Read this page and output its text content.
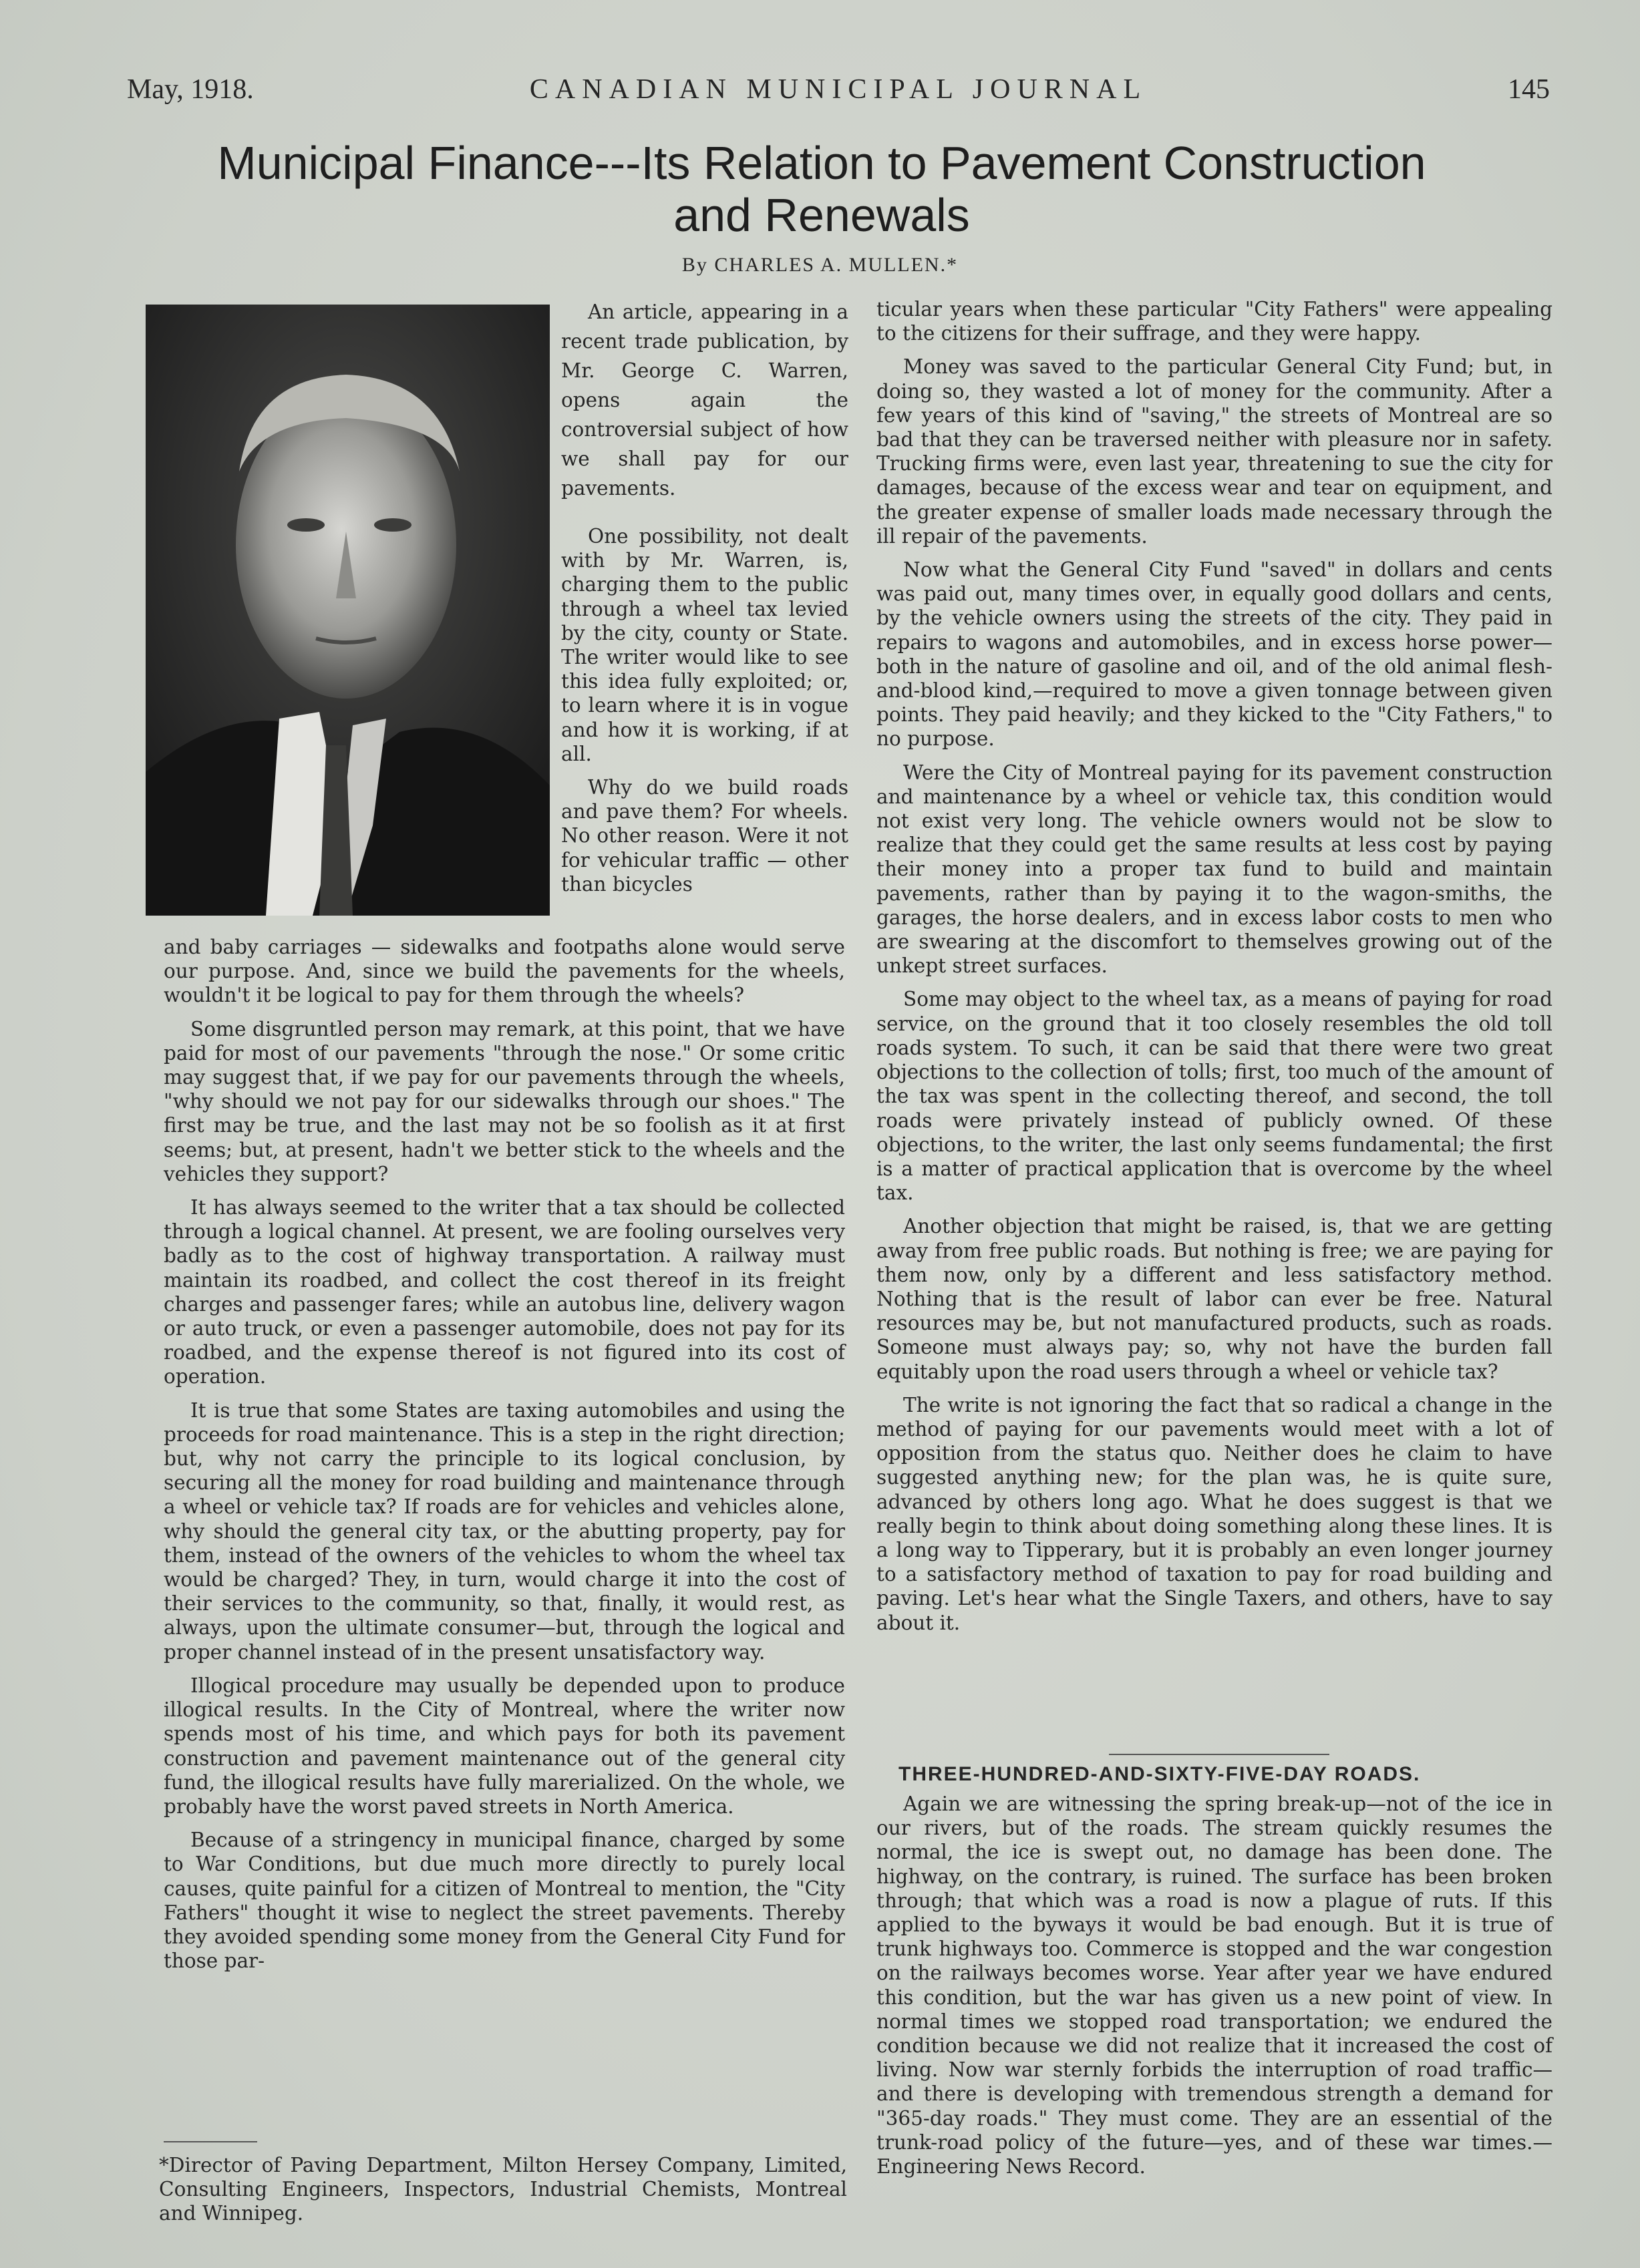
May, 1918.	CANADIAN MUNICIPAL JOURNAL	145
Municipal Finance---Its Relation to Pavement Construction
and Renewals
By CHARLES A. MULLEN.*

An article, appearing in a recent trade publication, by Mr. George C. Warren, opens again the controversial subject of how we shall pay for our pavements.

One possibility, not dealt with by Mr. Warren, is, charging them to the public through a wheel tax levied by the city, county or State. The writer would like to see this idea fully exploited; or, to learn where it is in vogue and how it is working, if at all.

Why do we build roads and pave them? For wheels. No other reason. Were it not for vehicular traffic — other than bicycles

and baby carriages — sidewalks and footpaths alone would serve our purpose. And, since we build the pavements for the wheels, wouldn't it be logical to pay for them through the wheels?

Some disgruntled person may remark, at this point, that we have paid for most of our pavements "through the nose." Or some critic may suggest that, if we pay for our pavements through the wheels, "why should we not pay for our sidewalks through our shoes." The first may be true, and the last may not be so foolish as it at first seems; but, at present, hadn't we better stick to the wheels and the vehicles they support?

It has always seemed to the writer that a tax should be collected through a logical channel. At present, we are fooling ourselves very badly as to the cost of highway transportation. A railway must maintain its roadbed, and collect the cost thereof in its freight charges and passenger fares; while an autobus line, delivery wagon or auto truck, or even a passenger automobile, does not pay for its roadbed, and the expense thereof is not figured into its cost of operation.

It is true that some States are taxing automobiles and using the proceeds for road maintenance. This is a step in the right direction; but, why not carry the principle to its logical conclusion, by securing all the money for road building and maintenance through a wheel or vehicle tax? If roads are for vehicles and vehicles alone, why should the general city tax, or the abutting property, pay for them, instead of the owners of the vehicles to whom the wheel tax would be charged? They, in turn, would charge it into the cost of their services to the community, so that, finally, it would rest, as always, upon the ultimate consumer—but, through the logical and proper channel instead of in the present unsatisfactory way.

Illogical procedure may usually be depended upon to produce illogical results. In the City of Montreal, where the writer now spends most of his time, and which pays for both its pavement construction and pavement maintenance out of the general city fund, the illogical results have fully marerialized. On the whole, we probably have the worst paved streets in North America.

Because of a stringency in municipal finance, charged by some to War Conditions, but due much more directly to purely local causes, quite painful for a citizen of Montreal to mention, the "City Fathers" thought it wise to neglect the street pavements. Thereby they avoided spending some money from the General City Fund for those par-

*Director of Paving Department, Milton Hersey Company, Limited, Consulting Engineers, Inspectors, Industrial Chemists, Montreal and Winnipeg.

ticular years when these particular "City Fathers" were appealing to the citizens for their suffrage, and they were happy.

Money was saved to the particular General City Fund; but, in doing so, they wasted a lot of money for the community. After a few years of this kind of "saving," the streets of Montreal are so bad that they can be traversed neither with pleasure nor in safety. Trucking firms were, even last year, threatening to sue the city for damages, because of the excess wear and tear on equipment, and the greater expense of smaller loads made necessary through the ill repair of the pavements.

Now what the General City Fund "saved" in dollars and cents was paid out, many times over, in equally good dollars and cents, by the vehicle owners using the streets of the city. They paid in repairs to wagons and automobiles, and in excess horse power—both in the nature of gasoline and oil, and of the old animal flesh-and-blood kind,—required to move a given tonnage between given points. They paid heavily; and they kicked to the "City Fathers," to no purpose.

Were the City of Montreal paying for its pavement construction and maintenance by a wheel or vehicle tax, this condition would not exist very long. The vehicle owners would not be slow to realize that they could get the same results at less cost by paying their money into a proper tax fund to build and maintain pavements, rather than by paying it to the wagon-smiths, the garages, the horse dealers, and in excess labor costs to men who are swearing at the discomfort to themselves growing out of the unkept street surfaces.

Some may object to the wheel tax, as a means of paying for road service, on the ground that it too closely resembles the old toll roads system. To such, it can be said that there were two great objections to the collection of tolls; first, too much of the amount of the tax was spent in the collecting thereof, and second, the toll roads were privately instead of publicly owned. Of these objections, to the writer, the last only seems fundamental; the first is a matter of practical application that is overcome by the wheel tax.

Another objection that might be raised, is, that we are getting away from free public roads. But nothing is free; we are paying for them now, only by a different and less satisfactory method. Nothing that is the result of labor can ever be free. Natural resources may be, but not manufactured products, such as roads. Someone must always pay; so, why not have the burden fall equitably upon the road users through a wheel or vehicle tax?

The write is not ignoring the fact that so radical a change in the method of paying for our pavements would meet with a lot of opposition from the status quo. Neither does he claim to have suggested anything new; for the plan was, he is quite sure, advanced by others long ago. What he does suggest is that we really begin to think about doing something along these lines. It is a long way to Tipperary, but it is probably an even longer journey to a satisfactory method of taxation to pay for road building and paving. Let's hear what the Single Taxers, and others, have to say about it.

THREE-HUNDRED-AND-SIXTY-FIVE-DAY ROADS.

Again we are witnessing the spring break-up—not of the ice in our rivers, but of the roads. The stream quickly resumes the normal, the ice is swept out, no damage has been done. The highway, on the contrary, is ruined. The surface has been broken through; that which was a road is now a plague of ruts. If this applied to the byways it would be bad enough. But it is true of trunk highways too. Commerce is stopped and the war congestion on the railways becomes worse. Year after year we have endured this condition, but the war has given us a new point of view. In normal times we stopped road transportation; we endured the condition because we did not realize that it increased the cost of living. Now war sternly forbids the interruption of road traffic—and there is developing with tremendous strength a demand for "365-day roads." They must come. They are an essential of the trunk-road policy of the future—yes, and of these war times.—Engineering News Record.
